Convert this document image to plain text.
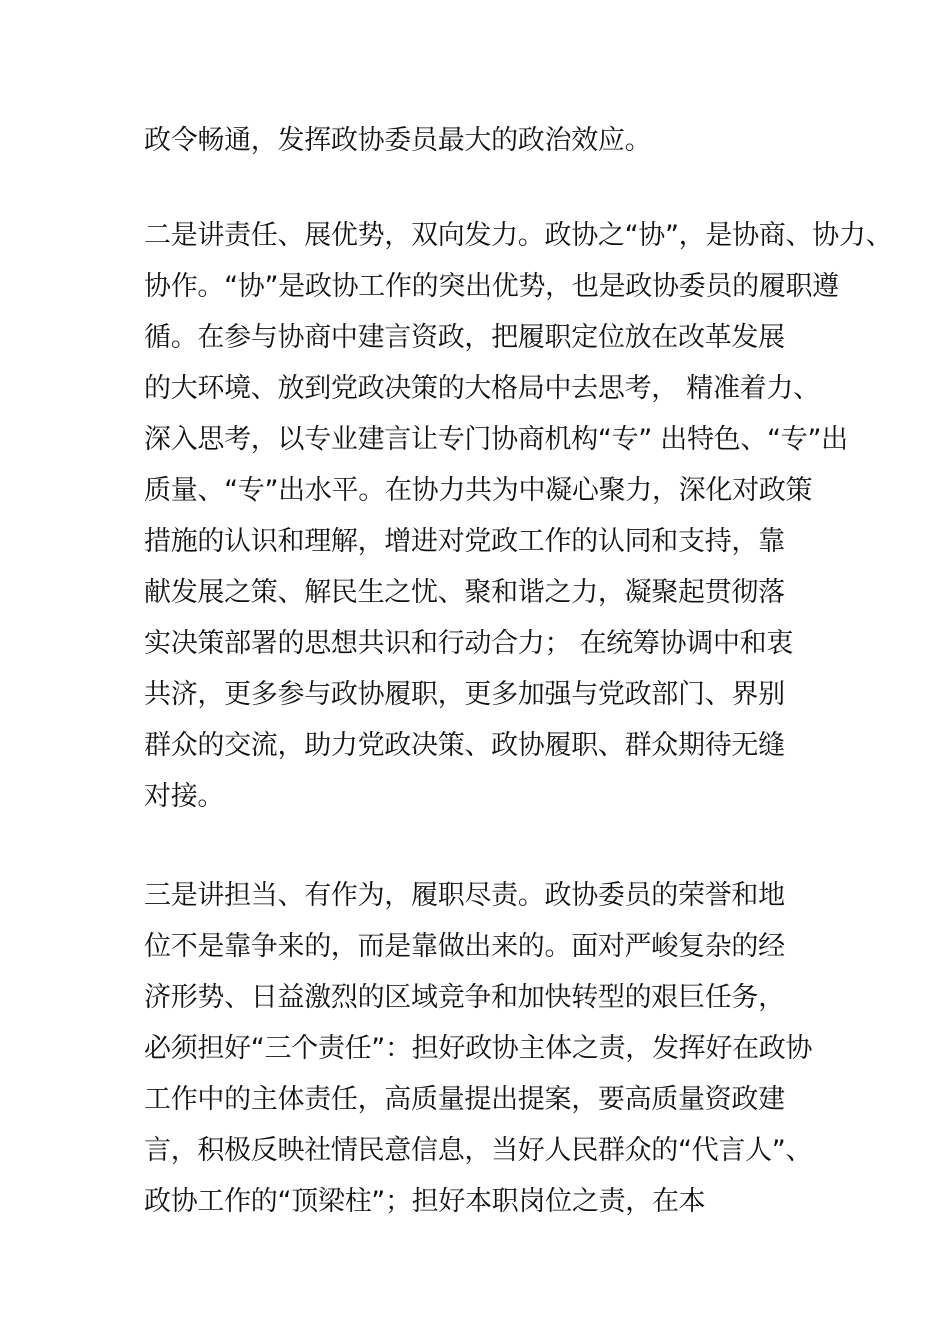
政令畅通，发挥政协委员最大的政治效应。
二是讲责任、展优势，双向发力。政协之“协”，是协商、协力、
协作。“协”是政协工作的突出优势，也是政协委员的履职遵
循。在参与协商中建言资政，把履职定位放在改革发展
的大环境、放到党政决策的大格局中去思考， 精准着力、
深入思考，以专业建言让专门协商机构“专” 出特色、“专”出
质量、“专”出水平。在协力共为中凝心聚力，深化对政策
措施的认识和理解，增进对党政工作的认同和支持，靠
献发展之策、解民生之忧、聚和谐之力，凝聚起贯彻落
实决策部署的思想共识和行动合力； 在统筹协调中和衷
共济，更多参与政协履职，更多加强与党政部门、界别
群众的交流，助力党政决策、政协履职、群众期待无缝
对接。
三是讲担当、有作为，履职尽责。政协委员的荣誉和地
位不是靠争来的，而是靠做出来的。面对严峻复杂的经
济形势、日益激烈的区域竞争和加快转型的艰巨任务，
必须担好“三个责任”：担好政协主体之责，发挥好在政协
工作中的主体责任，高质量提出提案，要高质量资政建
言，积极反映社情民意信息，当好人民群众的“代言人”、
政协工作的“顶梁柱”；担好本职岗位之责，在本
